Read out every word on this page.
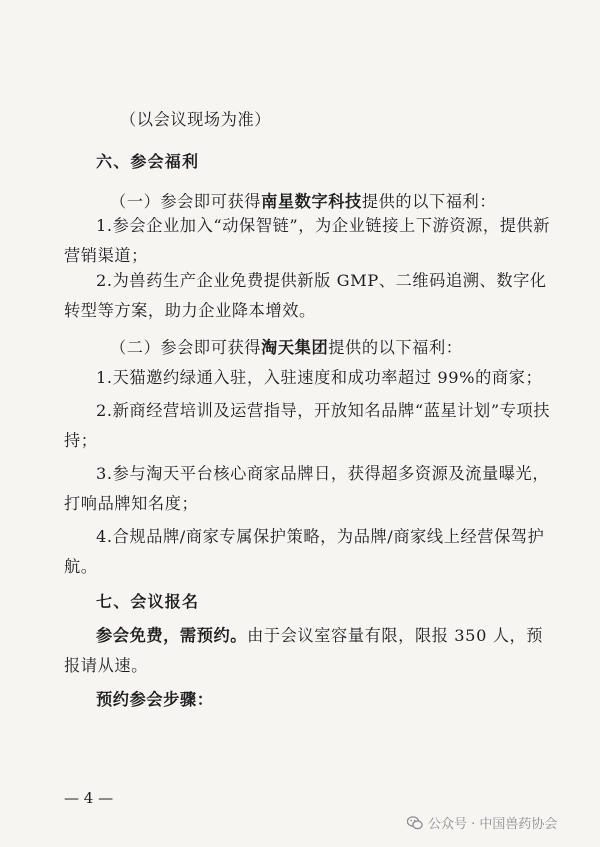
（以会议现场为准）
六、参会福利
（一）参会即可获得南星数字科技提供的以下福利：
1.参会企业加入“动保智链”，为企业链接上下游资源，提供新
营销渠道；
2.为兽药生产企业免费提供新版 GMP、二维码追溯、数字化
转型等方案，助力企业降本增效。
（二）参会即可获得淘天集团提供的以下福利：
1.天猫邀约绿通入驻，入驻速度和成功率超过 99%的商家；
2.新商经营培训及运营指导，开放知名品牌“蓝星计划”专项扶
持；
3.参与淘天平台核心商家品牌日，获得超多资源及流量曝光，
打响品牌知名度；
4.合规品牌/商家专属保护策略，为品牌/商家线上经营保驾护
航。
七、会议报名
参会免费，需预约。由于会议室容量有限，限报 350 人，预
报请从速。
预约参会步骤：
— 4 —
公众号 · 中国兽药协会
